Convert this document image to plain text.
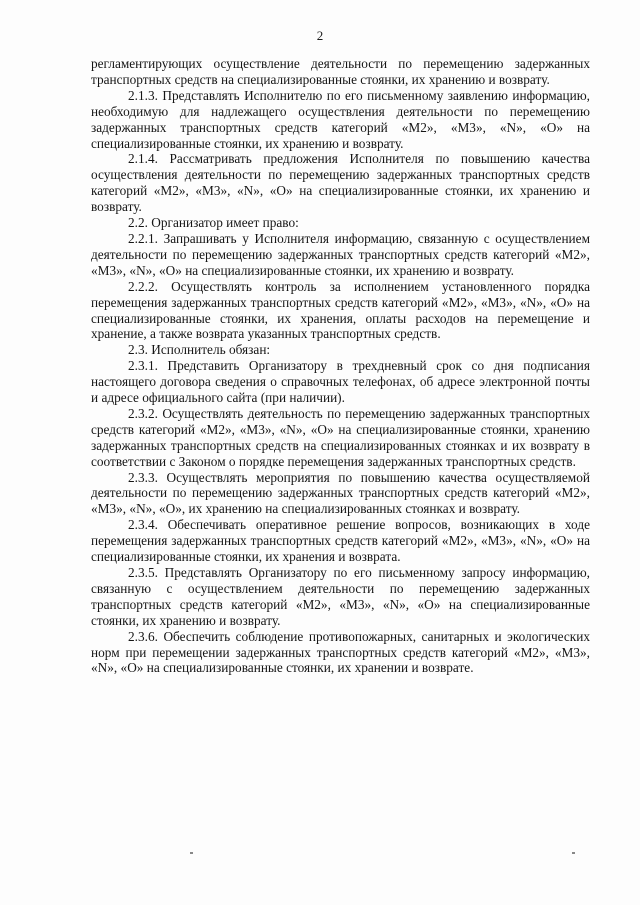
2

регламентирующих осуществление деятельности по перемещению задержанных транспортных средств на специализированные стоянки, их хранению и возврату.

2.1.3. Представлять Исполнителю по его письменному заявлению информацию, необходимую для надлежащего осуществления деятельности по перемещению задержанных транспортных средств категорий «М2», «М3», «N», «О» на специализированные стоянки, их хранению и возврату.

2.1.4. Рассматривать предложения Исполнителя по повышению качества осуществления деятельности по перемещению задержанных транспортных средств категорий «М2», «М3», «N», «О» на специализированные стоянки, их хранению и возврату.

2.2. Организатор имеет право:

2.2.1. Запрашивать у Исполнителя информацию, связанную с осуществлением деятельности по перемещению задержанных транспортных средств категорий «М2», «М3», «N», «О» на специализированные стоянки, их хранению и возврату.

2.2.2. Осуществлять контроль за исполнением установленного порядка перемещения задержанных транспортных средств категорий «М2», «М3», «N», «О» на специализированные стоянки, их хранения, оплаты расходов на перемещение и хранение, а также возврата указанных транспортных средств.

2.3. Исполнитель обязан:

2.3.1. Представить Организатору в трехдневный срок со дня подписания настоящего договора сведения о справочных телефонах, об адресе электронной почты и адресе официального сайта (при наличии).

2.3.2. Осуществлять деятельность по перемещению задержанных транспортных средств категорий «М2», «М3», «N», «О» на специализированные стоянки, хранению задержанных транспортных средств на специализированных стоянках и их возврату в соответствии с Законом о порядке перемещения задержанных транспортных средств.

2.3.3. Осуществлять мероприятия по повышению качества осуществляемой деятельности по перемещению задержанных транспортных средств категорий «М2», «М3», «N», «О», их хранению на специализированных стоянках и возврату.

2.3.4. Обеспечивать оперативное решение вопросов, возникающих в ходе перемещения задержанных транспортных средств категорий «М2», «М3», «N», «О» на специализированные стоянки, их хранения и возврата.

2.3.5. Представлять Организатору по его письменному запросу информацию, связанную с осуществлением деятельности по перемещению задержанных транспортных средств категорий «М2», «М3», «N», «О» на специализированные стоянки, их хранению и возврату.

2.3.6. Обеспечить соблюдение противопожарных, санитарных и экологических норм при перемещении задержанных транспортных средств категорий «М2», «М3», «N», «О» на специализированные стоянки, их хранении и возврате.
